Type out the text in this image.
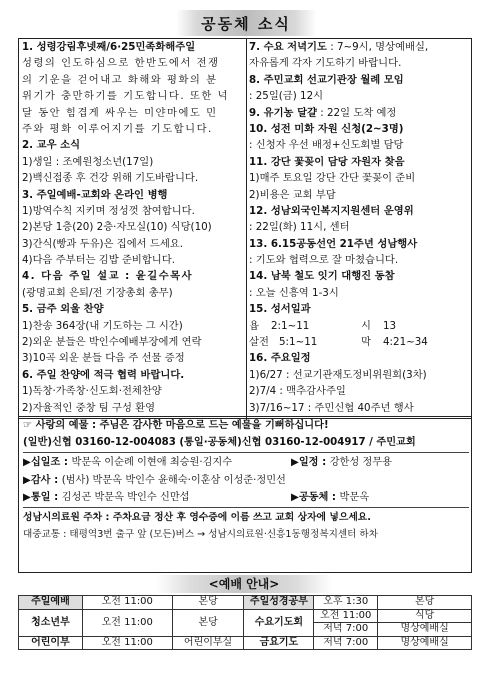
공동체 소식
1. 성령강림후넷째/6·25민족화해주일
성령의 인도하심으로 한반도에서 전쟁
의 기운을 걷어내고 화해와 평화의 분
위기가 충만하기를 기도합니다. 또한 넉
달 동안 힘겹게 싸우는 미얀마에도 민
주와 평화 이루어지기를 기도합니다.
2. 교우 소식
1)생일 : 조예원청소년(17일)
2)백신접종 후 건강 위해 기도바랍니다.
3. 주일예배-교회와 온라인 병행
1)방역수칙 지키며 정성껏 참여합니다.
2)본당 1층(20) 2층·자모실(10) 식당(10)
3)간식(빵과 두유)은 집에서 드세요.
4)다음 주부터는 김밥 준비합니다.
4. 다음 주일 설교 : 윤길수목사
(광명교회 은퇴/전 기장총회 총무)
5. 금주 외울 찬양
1)찬송 364장(내 기도하는 그 시간)
2)외운 분들은 박인수예배부장에게 연락
3)10곡 외운 분들 다음 주 선물 증정
6. 주일 찬양에 적극 협력 바랍니다.
1)독창·가족창·신도회·전체찬양
2)자율적인 중창 팀 구성 환영
7. 수요 저녁기도 : 7~9시, 명상예배실,
자유롭게 각자 기도하기 바랍니다.
8. 주민교회 선교기관장 월례 모임
: 25일(금) 12시
9. 유기농 달걀 : 22일 도착 예정
10. 성전 미화 자원 신청(2~3명)
: 신청자 우선 배정+신도회별 담당
11. 강단 꽃꽂이 담당 자원자 찾음
1)매주 토요일 강단 간단 꽃꽂이 준비
2)비용은 교회 부담
12. 성남외국인복지지원센터 운영위
: 22일(화) 11시, 센터
13. 6.15공동선언 21주년 성남행사
: 기도와 협력으로 잘 마쳤습니다.
14. 남북 철도 잇기 대행진 동참
: 오늘 신흥역 1-3시
15. 성서일과
욥 2:1~11	시 13
살전 5:1~11	막 4:21~34
16. 주요일정
1)6/27 : 선교기관재도정비위원회(3차)
2)7/4 : 맥추감사주일
3)7/16~17 : 주민신협 40주년 행사
☞ 사랑의 예물 : 주님은 감사한 마음으로 드는 예물을 기뻐하십니다!
(일반)신협 03160-12-004083 (통일·공동체)신협 03160-12-004917 / 주민교회
▶십일조 : 박문옥 이순례 이현애 최승원·김지수	▶일정 : 강한성 정무용
▶감사 : (범사) 박문옥 박인수 윤해숙·이훈삼 이성준·정민선
▶통일 : 김성곤 박문옥 박인수 신만섭	▶공동체 : 박문옥
성남시의료원 주차 : 주차요금 정산 후 영수증에 이름 쓰고 교회 상자에 넣으세요.
대중교통 : 태평역3번 출구 앞 (모든)버스 → 성남시의료원·신흥1동행정복지센터 하차
<예배 안내>
주일예배	오전 11:00	본당	주일성경공부	오후 1:30	본당
청소년부	오전 11:00	본당	수요기도회	오전 11:00	식당
				저녁 7:00	명상예배실
어린이부	오전 11:00	어린이부실	금요기도	저녁 7:00	명상예배실
